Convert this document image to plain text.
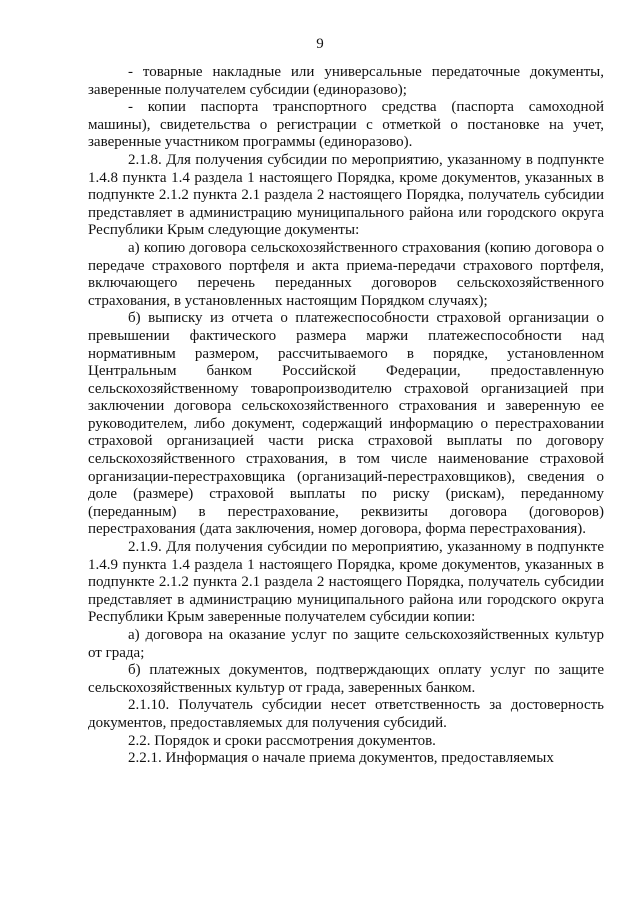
9

- товарные накладные или универсальные передаточные документы, заверенные получателем субсидии (единоразово);

- копии паспорта транспортного средства (паспорта самоходной машины), свидетельства о регистрации с отметкой о постановке на учет, заверенные участником программы (единоразово).

2.1.8. Для получения субсидии по мероприятию, указанному в подпункте 1.4.8 пункта 1.4 раздела 1 настоящего Порядка, кроме документов, указанных в подпункте 2.1.2 пункта 2.1 раздела 2 настоящего Порядка, получатель субсидии представляет в администрацию муниципального района или городского округа Республики Крым следующие документы:

а) копию договора сельскохозяйственного страхования (копию договора о передаче страхового портфеля и акта приема-передачи страхового портфеля, включающего перечень переданных договоров сельскохозяйственного страхования, в установленных настоящим Порядком случаях);

б) выписку из отчета о платежеспособности страховой организации о превышении фактического размера маржи платежеспособности над нормативным размером, рассчитываемого в порядке, установленном Центральным банком Российской Федерации, предоставленную сельскохозяйственному товаропроизводителю страховой организацией при заключении договора сельскохозяйственного страхования и заверенную ее руководителем, либо документ, содержащий информацию о перестраховании страховой организацией части риска страховой выплаты по договору сельскохозяйственного страхования, в том числе наименование страховой организации-перестраховщика (организаций-перестраховщиков), сведения о доле (размере) страховой выплаты по риску (рискам), переданному (переданным) в перестрахование, реквизиты договора (договоров) перестрахования (дата заключения, номер договора, форма перестрахования).

2.1.9. Для получения субсидии по мероприятию, указанному в подпункте 1.4.9 пункта 1.4 раздела 1 настоящего Порядка, кроме документов, указанных в подпункте 2.1.2 пункта 2.1 раздела 2 настоящего Порядка, получатель субсидии представляет в администрацию муниципального района или городского округа Республики Крым заверенные получателем субсидии копии:

а) договора на оказание услуг по защите сельскохозяйственных культур от града;

б) платежных документов, подтверждающих оплату услуг по защите сельскохозяйственных культур от града, заверенных банком.

2.1.10. Получатель субсидии несет ответственность за достоверность документов, предоставляемых для получения субсидий.

2.2. Порядок и сроки рассмотрения документов.

2.2.1. Информация о начале приема документов, предоставляемых
